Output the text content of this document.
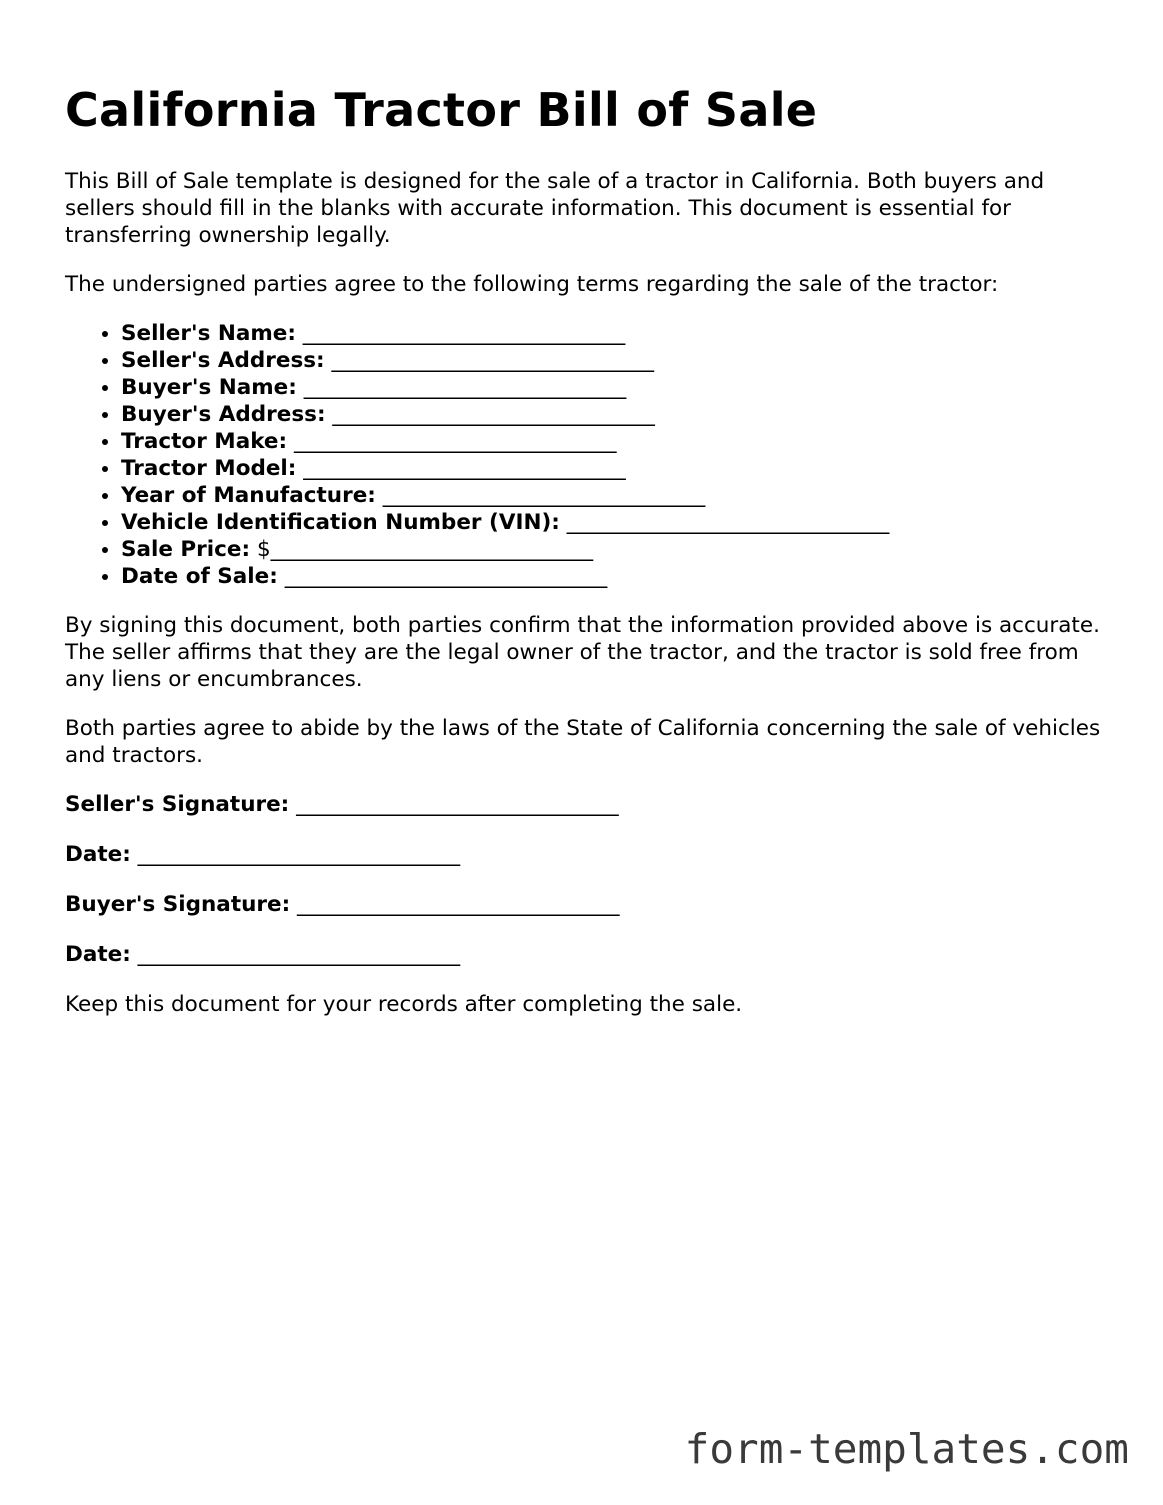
California Tractor Bill of Sale

This Bill of Sale template is designed for the sale of a tractor in California. Both buyers and sellers should fill in the blanks with accurate information. This document is essential for transferring ownership legally.

The undersigned parties agree to the following terms regarding the sale of the tractor:

• Seller's Name: ______________________________
• Seller's Address: ______________________________
• Buyer's Name: ______________________________
• Buyer's Address: ______________________________
• Tractor Make: ______________________________
• Tractor Model: ______________________________
• Year of Manufacture: ______________________________
• Vehicle Identification Number (VIN): ______________________________
• Sale Price: $______________________________
• Date of Sale: ______________________________

By signing this document, both parties confirm that the information provided above is accurate. The seller affirms that they are the legal owner of the tractor, and the tractor is sold free from any liens or encumbrances.

Both parties agree to abide by the laws of the State of California concerning the sale of vehicles and tractors.

Seller's Signature: ______________________________
Date: ______________________________
Buyer's Signature: ______________________________
Date: ______________________________

Keep this document for your records after completing the sale.

form-templates.com
